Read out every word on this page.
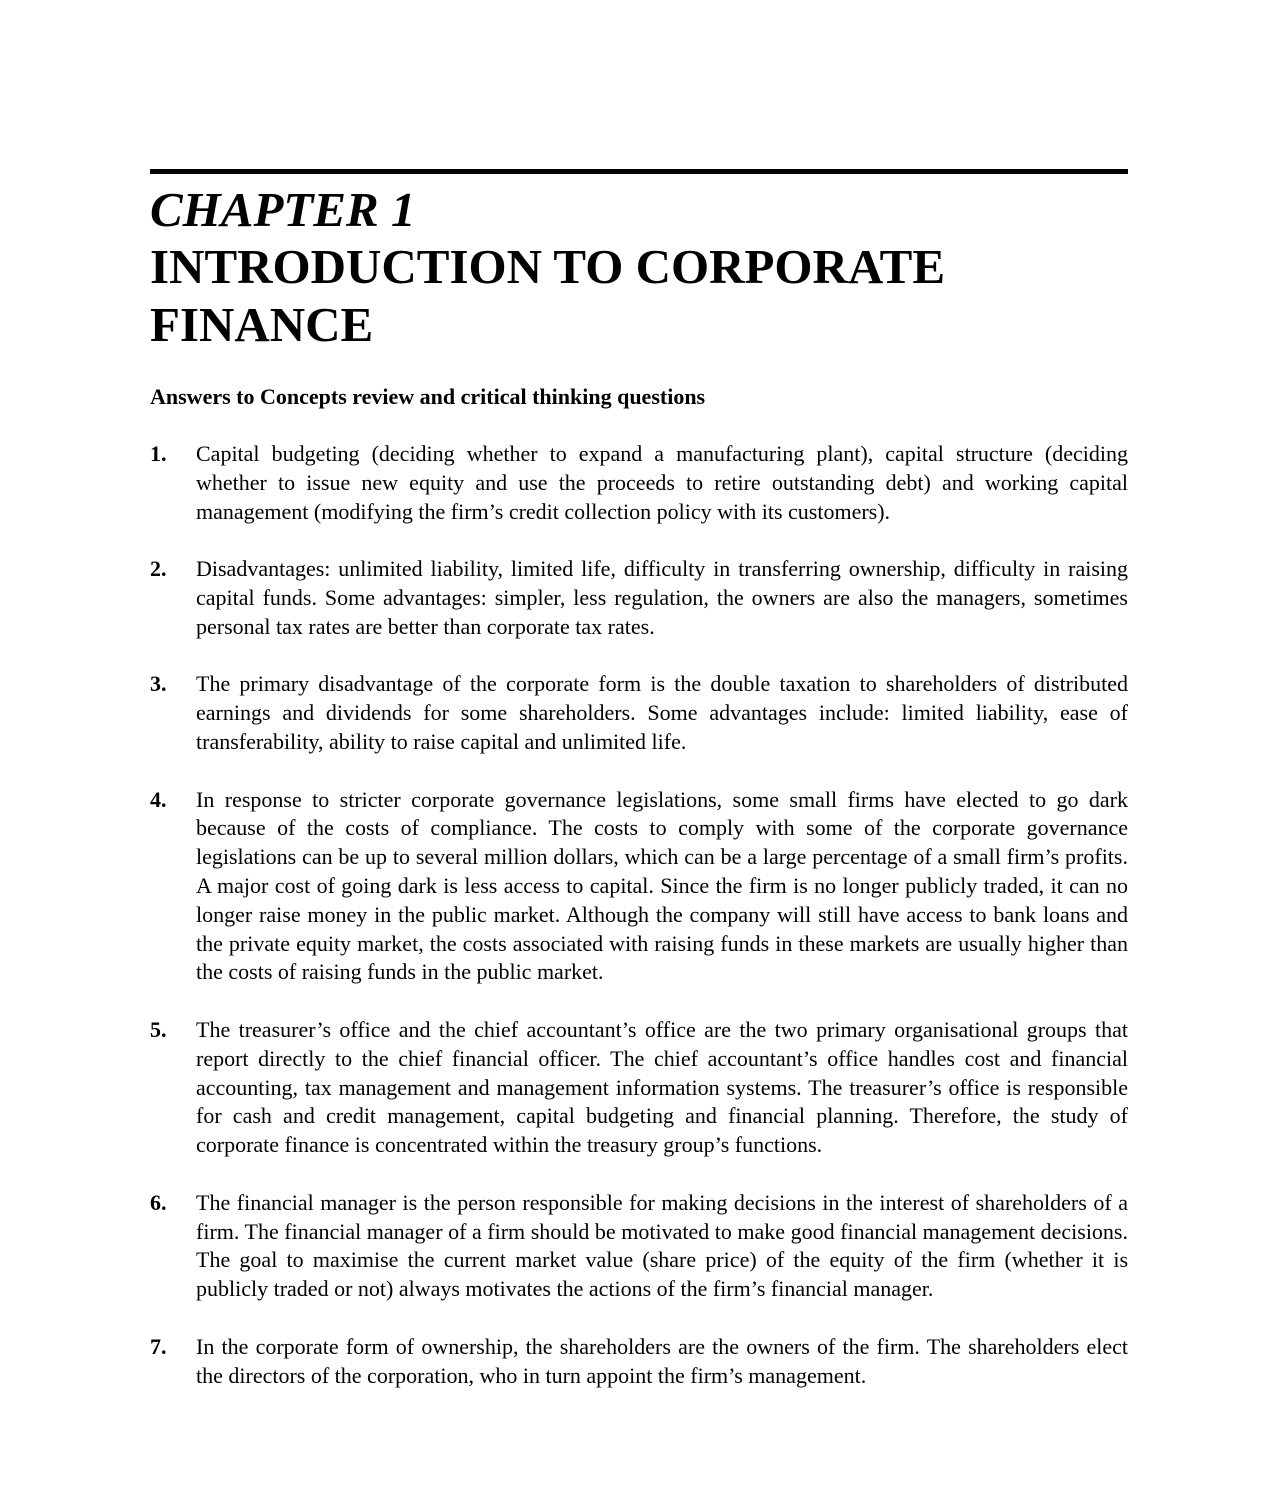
CHAPTER 1
INTRODUCTION TO CORPORATE
FINANCE
Answers to Concepts review and critical thinking questions
1.	Capital budgeting (deciding whether to expand a manufacturing plant), capital structure (deciding whether to issue new equity and use the proceeds to retire outstanding debt) and working capital management (modifying the firm’s credit collection policy with its customers).
2.	Disadvantages: unlimited liability, limited life, difficulty in transferring ownership, difficulty in raising capital funds. Some advantages: simpler, less regulation, the owners are also the managers, sometimes personal tax rates are better than corporate tax rates.
3.	The primary disadvantage of the corporate form is the double taxation to shareholders of distributed earnings and dividends for some shareholders. Some advantages include: limited liability, ease of transferability, ability to raise capital and unlimited life.
4.	In response to stricter corporate governance legislations, some small firms have elected to go dark because of the costs of compliance. The costs to comply with some of the corporate governance legislations can be up to several million dollars, which can be a large percentage of a small firm’s profits. A major cost of going dark is less access to capital. Since the firm is no longer publicly traded, it can no longer raise money in the public market. Although the company will still have access to bank loans and the private equity market, the costs associated with raising funds in these markets are usually higher than the costs of raising funds in the public market.
5.	The treasurer’s office and the chief accountant’s office are the two primary organisational groups that report directly to the chief financial officer. The chief accountant’s office handles cost and financial accounting, tax management and management information systems. The treasurer’s office is responsible for cash and credit management, capital budgeting and financial planning. Therefore, the study of corporate finance is concentrated within the treasury group’s functions.
6.	The financial manager is the person responsible for making decisions in the interest of shareholders of a firm. The financial manager of a firm should be motivated to make good financial management decisions. The goal to maximise the current market value (share price) of the equity of the firm (whether it is publicly traded or not) always motivates the actions of the firm’s financial manager.
7.	In the corporate form of ownership, the shareholders are the owners of the firm. The shareholders elect the directors of the corporation, who in turn appoint the firm’s management.
